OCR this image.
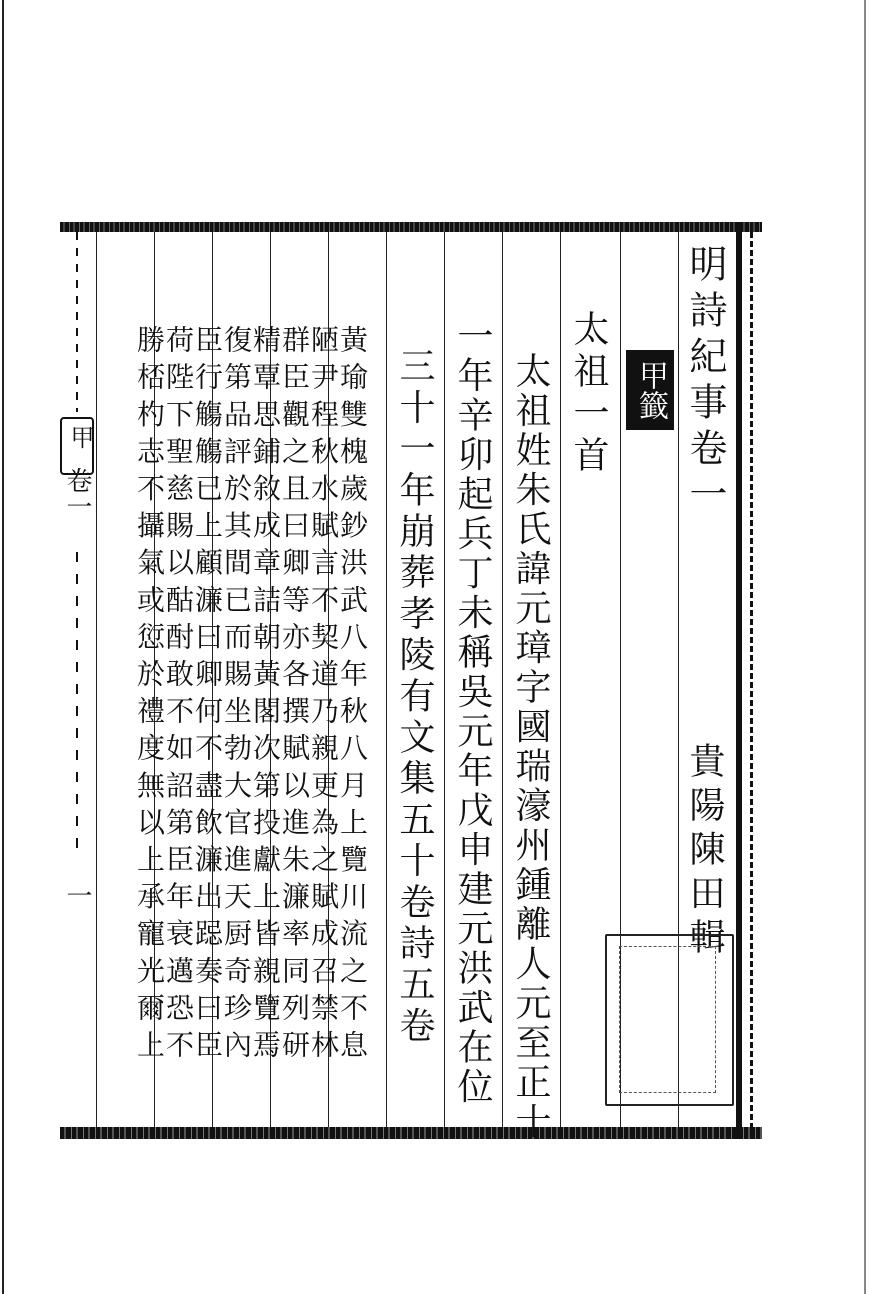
甲
卷一
一
明詩紀事卷一
貴陽陳田輯
太祖一首 甲籤
太祖姓朱氏諱元璋字國瑞濠州鍾離人元至正十
一年辛卯起兵丁未稱吳元年戊申建元洪武在位
三十一年崩葬孝陵有文集五十卷詩五卷
黃瑜雙槐歲鈔洪武八年秋八月上覽川流之不息
陋尹程秋水賦言不契道乃親更為之賦成召禁林
群臣觀之且曰卿等亦各撰賦以進朱濂率同列研
精覃思鋪敘成章詰朝黃閣次第投獻上皆親覽焉
復第品評於其間已而賜坐勃大官進天厨奇珍內
臣行觴觴已上顧濂曰卿何不盡飲濂出跽奏曰臣
荷陛下聖慈賜以酤酎敢不如詔第臣年衰邁恐不
勝桮杓志不攝氣或愆於禮度無以上承寵光爾上
